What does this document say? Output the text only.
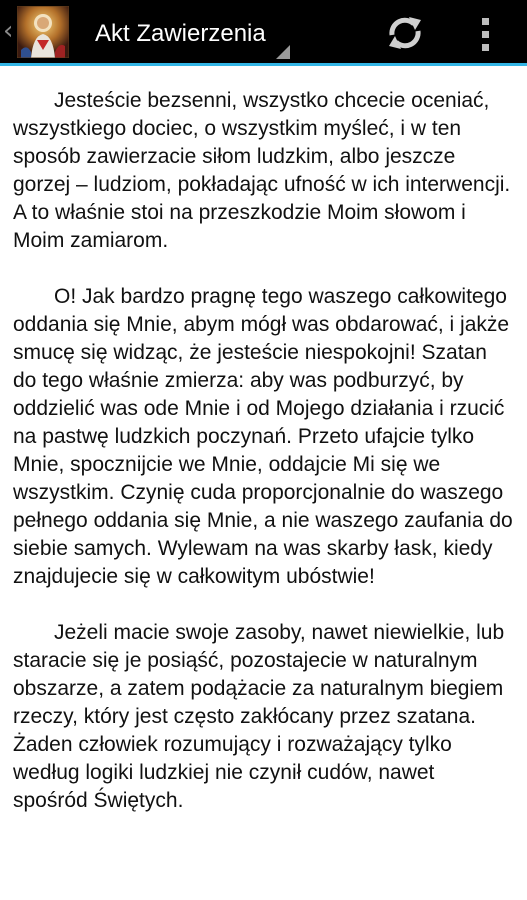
‹	Akt Zawierzenia

Jesteście bezsenni, wszystko chcecie oceniać, wszystkiego dociec, o wszystkim myśleć, i w ten sposób zawierzacie siłom ludzkim, albo jeszcze gorzej – ludziom, pokładając ufność w ich interwencji. A to właśnie stoi na przeszkodzie Moim słowom i Moim zamiarom.

O! Jak bardzo pragnę tego waszego całkowitego oddania się Mnie, abym mógł was obdarować, i jakże smucę się widząc, że jesteście niespokojni! Szatan do tego właśnie zmierza: aby was podburzyć, by oddzielić was ode Mnie i od Mojego działania i rzucić na pastwę ludzkich poczynań. Przeto ufajcie tylko Mnie, spocznijcie we Mnie, oddajcie Mi się we wszystkim. Czynię cuda proporcjonalnie do waszego pełnego oddania się Mnie, a nie waszego zaufania do siebie samych. Wylewam na was skarby łask, kiedy znajdujecie się w całkowitym ubóstwie!

Jeżeli macie swoje zasoby, nawet niewielkie, lub staracie się je posiąść, pozostajecie w naturalnym obszarze, a zatem podążacie za naturalnym biegiem rzeczy, który jest często zakłócany przez szatana. Żaden człowiek rozumujący i rozważający tylko według logiki ludzkiej nie czynił cudów, nawet spośród Świętych.
